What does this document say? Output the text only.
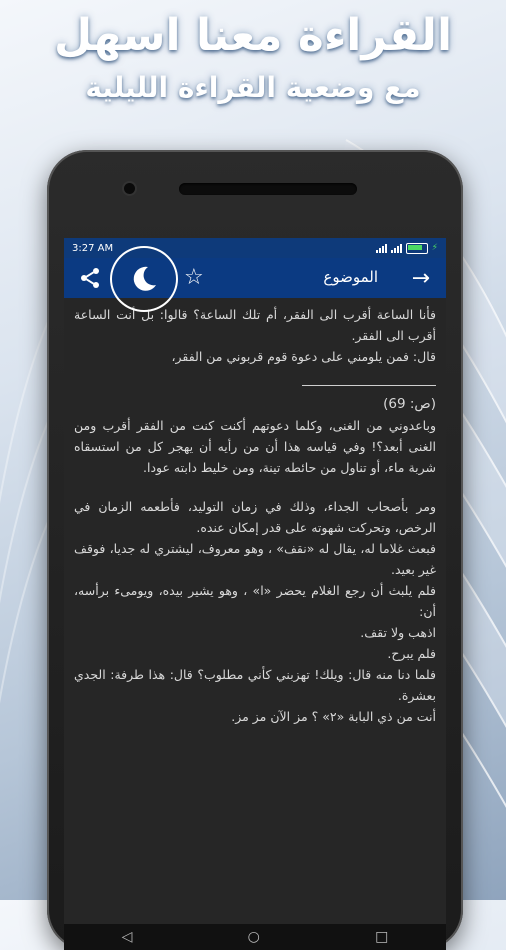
القراءة معنا اسهل
مع وضعية القراءة الليلية
3:27 AM	⚡
☆	الموضوع →

فأنا الساعة أقرب الى الفقر، أم تلك الساعة؟ قالوا: بل أنت الساعة أقرب الى الفقر.

قال: فمن يلومني على دعوة قوم قربوني من الفقر،

(ص: 69)

وباعدوني من الغنى، وكلما دعوتهم أكنت كنت من الفقر أقرب ومن الغنى أبعد؟! وفي قياسه هذا أن من رأيه أن يهجر كل من استسقاه شربة ماء، أو تناول من حائطه تينة، ومن خليط دابته عودا.

ومر بأصحاب الجداء، وذلك في زمان التوليد، فأطعمه الزمان في الرخص، وتحركت شهوته على قدر إمكان عنده.

فبعث غلاما له، يقال له «نقف» ، وهو معروف، ليشتري له جديا، فوقف غير بعيد.

فلم يلبث أن رجع الغلام يحضر «ا» ، وهو يشير بيده، ويومىء برأسه، أن:

اذهب ولا تقف.

فلم يبرح.

فلما دنا منه قال: ويلك! تهزبني كأني مطلوب؟ قال: هذا طرفة: الجدي بعشرة.

أنت من ذي البابة «٢» ؟ مز الآن مز مز.

◁	○	□
